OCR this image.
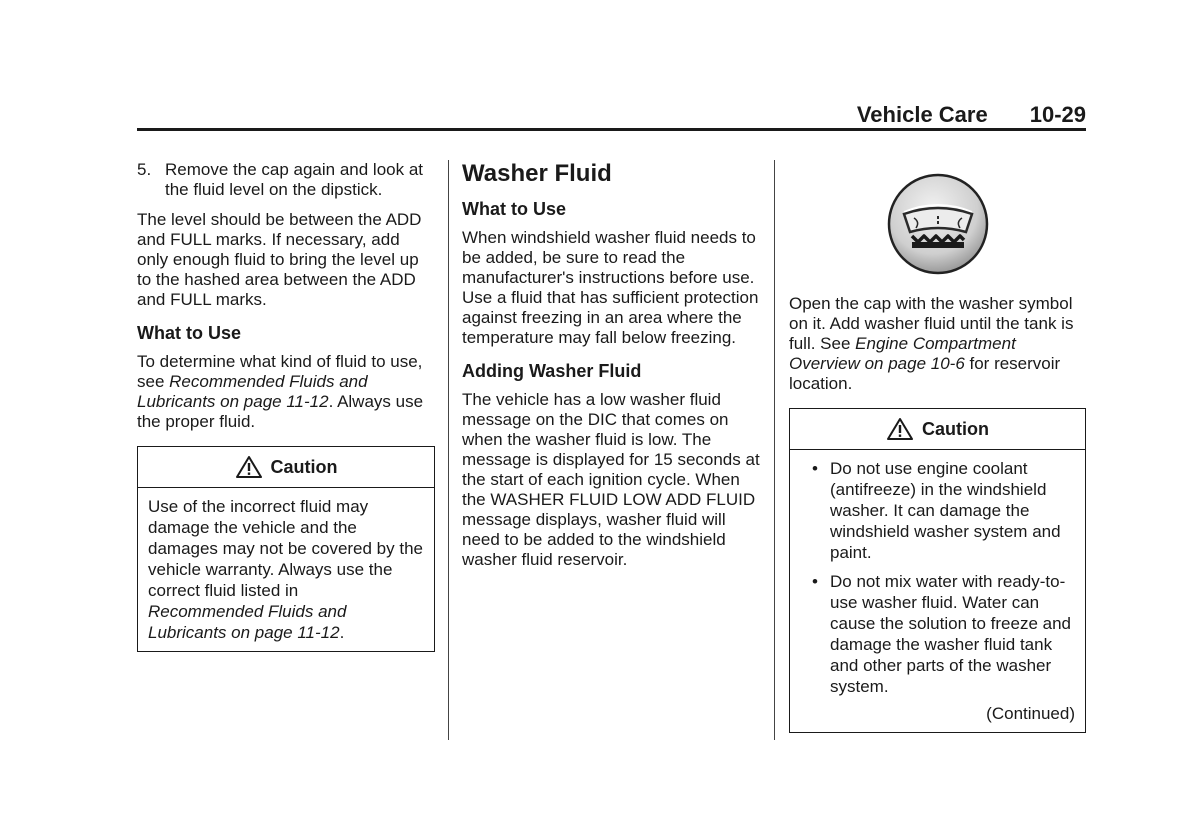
Vehicle Care 10-29
5. Remove the cap again and look at the fluid level on the dipstick.

The level should be between the ADD and FULL marks. If necessary, add only enough fluid to bring the level up to the hashed area between the ADD and FULL marks.

What to Use

To determine what kind of fluid to use, see Recommended Fluids and Lubricants on page 11-12. Always use the proper fluid.

Caution
Use of the incorrect fluid may damage the vehicle and the damages may not be covered by the vehicle warranty. Always use the correct fluid listed in
Recommended Fluids and Lubricants on page 11-12.
Washer Fluid
What to Use

When windshield washer fluid needs to be added, be sure to read the manufacturer's instructions before use. Use a fluid that has sufficient protection against freezing in an area where the temperature may fall below freezing.

Adding Washer Fluid

The vehicle has a low washer fluid message on the DIC that comes on when the washer fluid is low. The message is displayed for 15 seconds at the start of each ignition cycle. When the WASHER FLUID LOW ADD FLUID message displays, washer fluid will need to be added to the windshield washer fluid reservoir.

Open the cap with the washer symbol on it. Add washer fluid until the tank is full. See Engine Compartment Overview on page 10-6 for reservoir location.

Caution
• Do not use engine coolant (antifreeze) in the windshield washer. It can damage the windshield washer system and paint.
• Do not mix water with ready-to-use washer fluid. Water can cause the solution to freeze and damage the washer fluid tank and other parts of the washer system.
(Continued)
